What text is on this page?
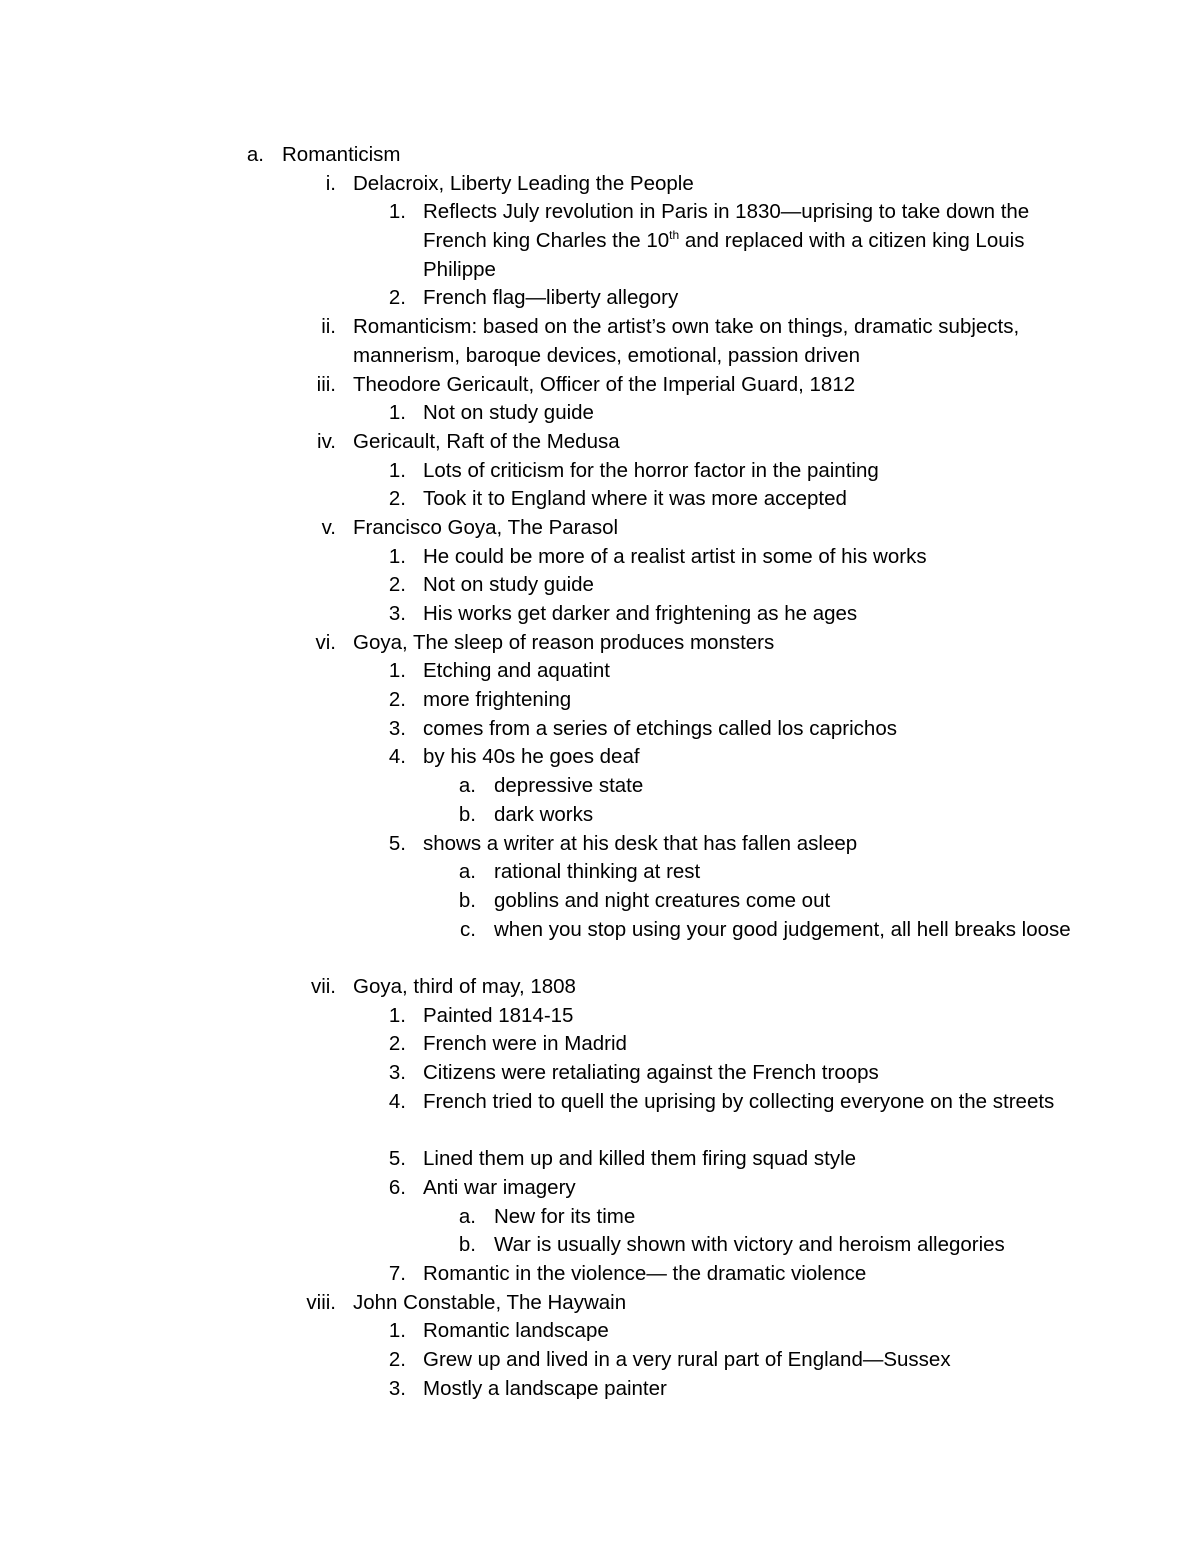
a. Romanticism
i. Delacroix, Liberty Leading the People
1. Reflects July revolution in Paris in 1830—uprising to take down the French king Charles the 10th and replaced with a citizen king Louis Philippe
2. French flag—liberty allegory
ii. Romanticism: based on the artist’s own take on things, dramatic subjects, mannerism, baroque devices, emotional, passion driven
iii. Theodore Gericault, Officer of the Imperial Guard, 1812
1. Not on study guide
iv. Gericault, Raft of the Medusa
1. Lots of criticism for the horror factor in the painting
2. Took it to England where it was more accepted
v. Francisco Goya, The Parasol
1. He could be more of a realist artist in some of his works
2. Not on study guide
3. His works get darker and frightening as he ages
vi. Goya, The sleep of reason produces monsters
1. Etching and aquatint
2. more frightening
3. comes from a series of etchings called los caprichos
4. by his 40s he goes deaf
a. depressive state
b. dark works
5. shows a writer at his desk that has fallen asleep
a. rational thinking at rest
b. goblins and night creatures come out
c. when you stop using your good judgement, all hell breaks loose
vii. Goya, third of may, 1808
1. Painted 1814-15
2. French were in Madrid
3. Citizens were retaliating against the French troops
4. French tried to quell the uprising by collecting everyone on the streets
5. Lined them up and killed them firing squad style
6. Anti war imagery
a. New for its time
b. War is usually shown with victory and heroism allegories
7. Romantic in the violence— the dramatic violence
viii. John Constable, The Haywain
1. Romantic landscape
2. Grew up and lived in a very rural part of England—Sussex
3. Mostly a landscape painter
